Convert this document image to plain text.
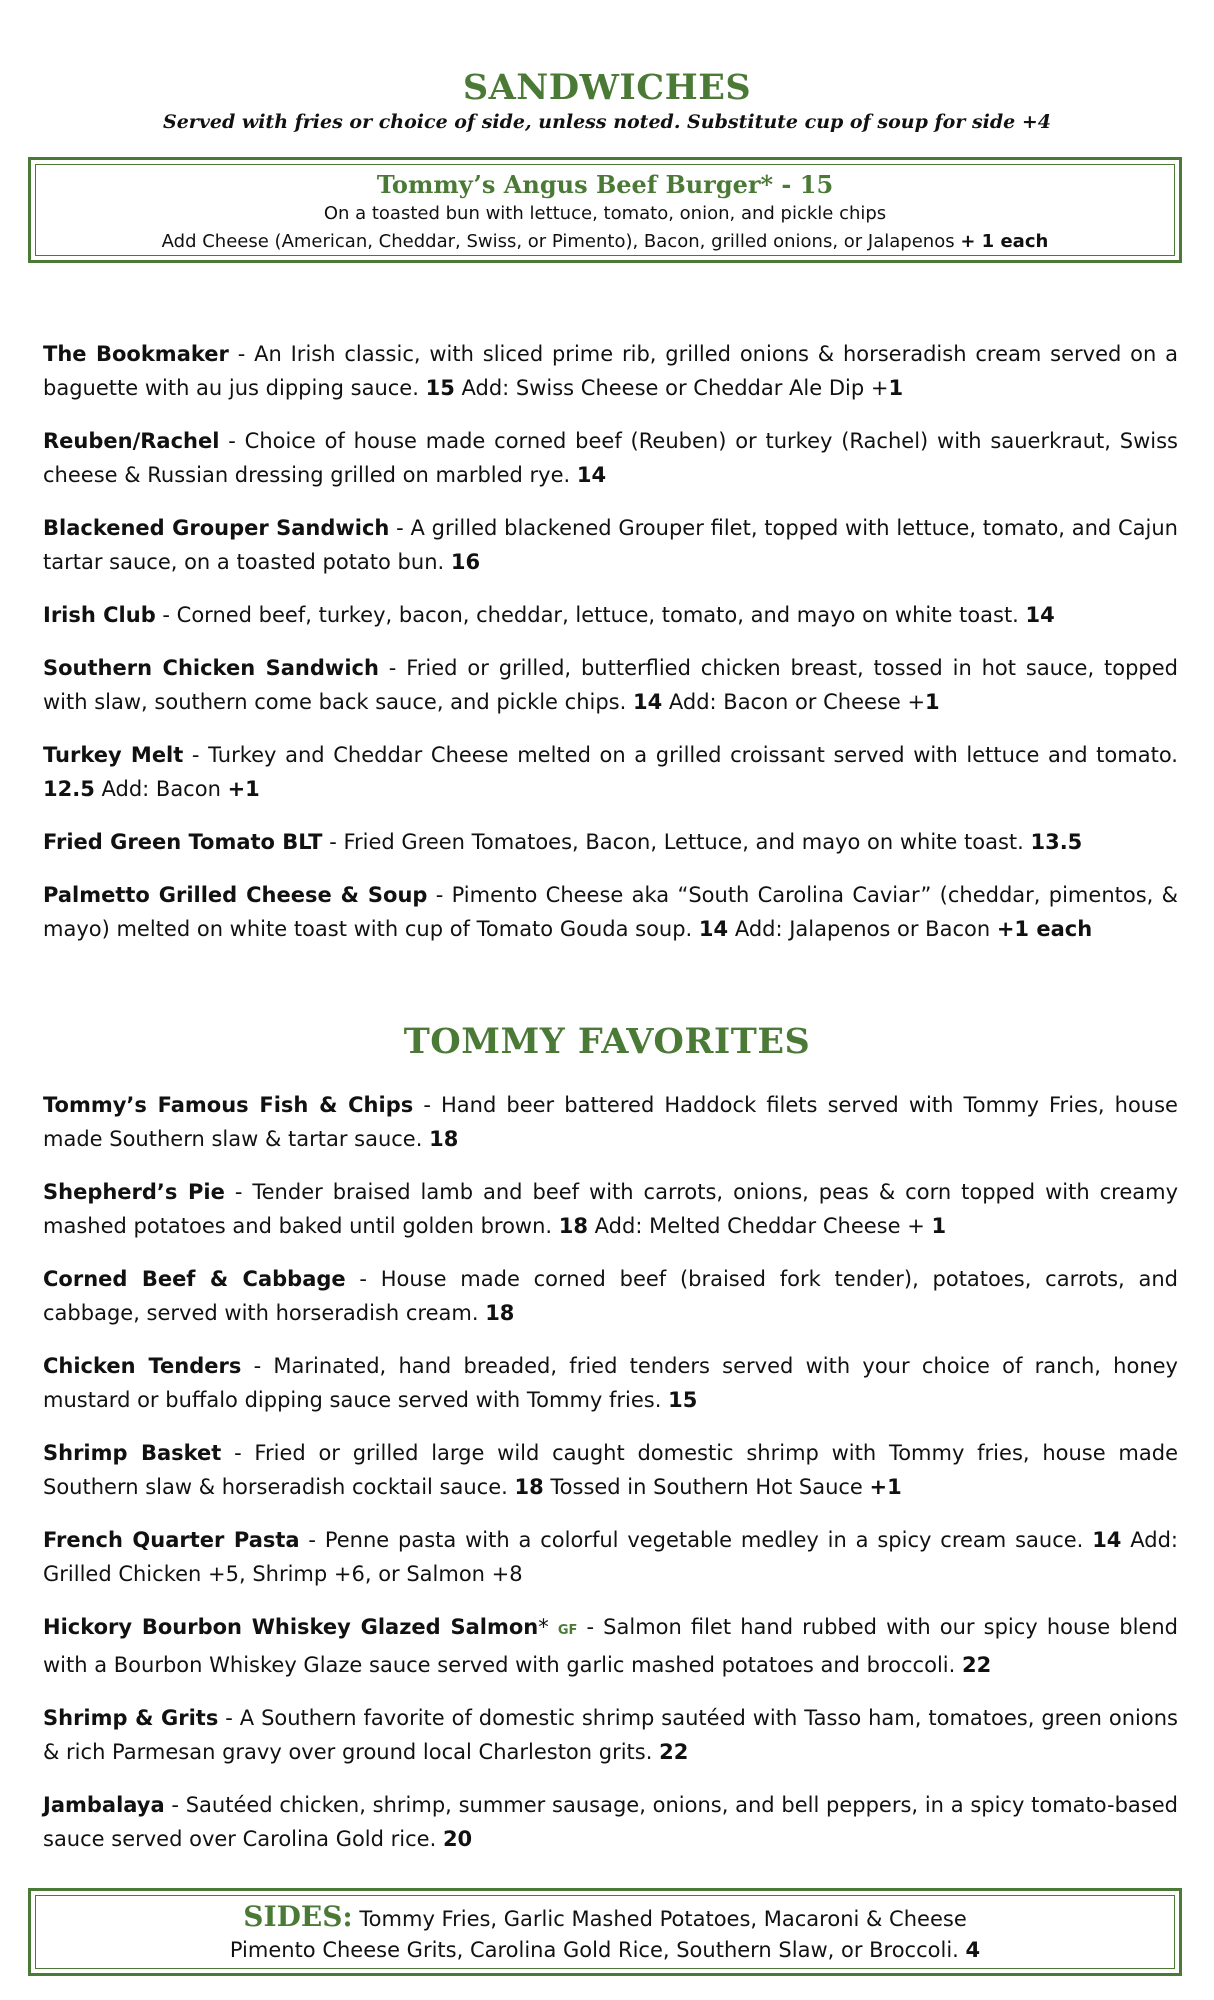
SANDWICHES
Served with fries or choice of side, unless noted. Substitute cup of soup for side +4
Tommy’s Angus Beef Burger* - 15
On a toasted bun with lettuce, tomato, onion, and pickle chips
Add Cheese (American, Cheddar, Swiss, or Pimento), Bacon, grilled onions, or Jalapenos + 1 each

The Bookmaker - An Irish classic, with sliced prime rib, grilled onions & horseradish cream served on a baguette with au jus dipping sauce. 15 Add: Swiss Cheese or Cheddar Ale Dip +1

Reuben/Rachel - Choice of house made corned beef (Reuben) or turkey (Rachel) with sauerkraut, Swiss cheese & Russian dressing grilled on marbled rye. 14

Blackened Grouper Sandwich - A grilled blackened Grouper filet, topped with lettuce, tomato, and Cajun tartar sauce, on a toasted potato bun. 16

Irish Club - Corned beef, turkey, bacon, cheddar, lettuce, tomato, and mayo on white toast. 14

Southern Chicken Sandwich - Fried or grilled, butterflied chicken breast, tossed in hot sauce, topped with slaw, southern come back sauce, and pickle chips. 14 Add: Bacon or Cheese +1

Turkey Melt - Turkey and Cheddar Cheese melted on a grilled croissant served with lettuce and tomato. 12.5 Add: Bacon +1

Fried Green Tomato BLT - Fried Green Tomatoes, Bacon, Lettuce, and mayo on white toast. 13.5

Palmetto Grilled Cheese & Soup - Pimento Cheese aka “South Carolina Caviar” (cheddar, pimentos, & mayo) melted on white toast with cup of Tomato Gouda soup. 14 Add: Jalapenos or Bacon +1 each

TOMMY FAVORITES

Tommy’s Famous Fish & Chips - Hand beer battered Haddock filets served with Tommy Fries, house made Southern slaw & tartar sauce. 18

Shepherd’s Pie - Tender braised lamb and beef with carrots, onions, peas & corn topped with creamy mashed potatoes and baked until golden brown. 18 Add: Melted Cheddar Cheese + 1

Corned Beef & Cabbage - House made corned beef (braised fork tender), potatoes, carrots, and cabbage, served with horseradish cream. 18

Chicken Tenders - Marinated, hand breaded, fried tenders served with your choice of ranch, honey mustard or buffalo dipping sauce served with Tommy fries. 15

Shrimp Basket - Fried or grilled large wild caught domestic shrimp with Tommy fries, house made Southern slaw & horseradish cocktail sauce. 18 Tossed in Southern Hot Sauce +1

French Quarter Pasta - Penne pasta with a colorful vegetable medley in a spicy cream sauce. 14 Add: Grilled Chicken +5, Shrimp +6, or Salmon +8

Hickory Bourbon Whiskey Glazed Salmon* GF - Salmon filet hand rubbed with our spicy house blend with a Bourbon Whiskey Glaze sauce served with garlic mashed potatoes and broccoli. 22

Shrimp & Grits - A Southern favorite of domestic shrimp sautéed with Tasso ham, tomatoes, green onions & rich Parmesan gravy over ground local Charleston grits. 22

Jambalaya - Sautéed chicken, shrimp, summer sausage, onions, and bell peppers, in a spicy tomato-based sauce served over Carolina Gold rice. 20

SIDES: Tommy Fries, Garlic Mashed Potatoes, Macaroni & Cheese
Pimento Cheese Grits, Carolina Gold Rice, Southern Slaw, or Broccoli. 4
